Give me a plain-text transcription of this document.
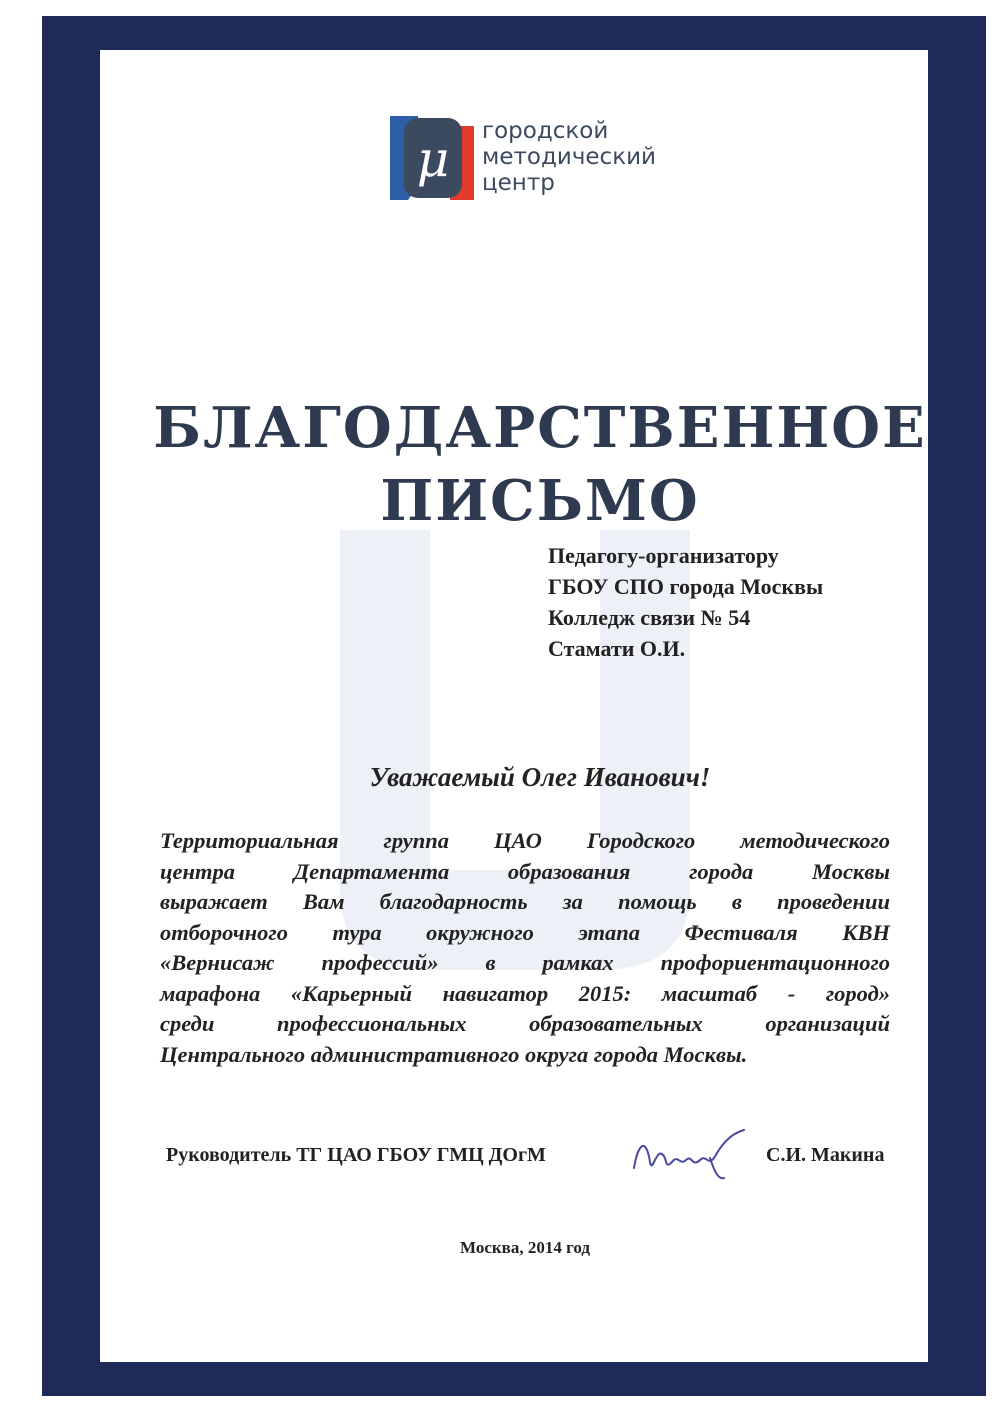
μ городской
методический
центр
БЛАГОДАРСТВЕННОЕ
ПИСЬМО
Педагогу-организатору
ГБОУ СПО города Москвы
Колледж связи № 54
Стамати О.И.
Уважаемый Олег Иванович!
Территориальная группа ЦАО Городского методического
центра Департамента образования города Москвы
выражает Вам благодарность за помощь в проведении
отборочного тура окружного этапа Фестиваля КВН
«Вернисаж профессий» в рамках профориентационного
марафона «Карьерный навигатор 2015: масштаб - город»
среди профессиональных образовательных организаций
Центрального административного округа города Москвы.
Руководитель ТГ ЦАО ГБОУ ГМЦ ДОгМ	С.И. Макина
Москва, 2014 год
